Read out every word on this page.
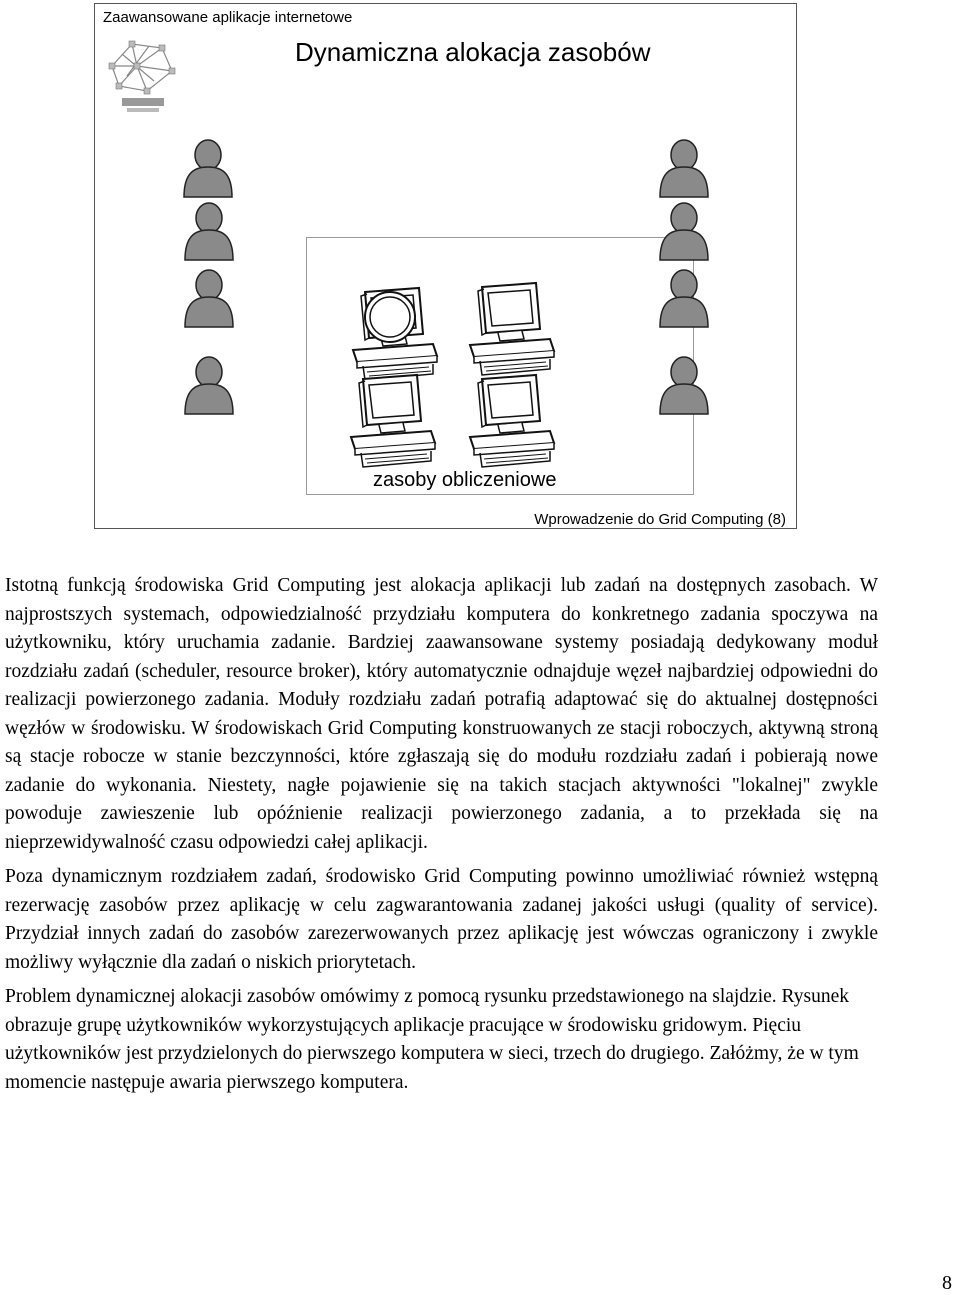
Zaawansowane aplikacje internetowe
Dynamiczna alokacja zasobów
zasoby obliczeniowe
Wprowadzenie do Grid Computing (8)

Istotną funkcją środowiska Grid Computing jest alokacja aplikacji lub zadań na dostępnych zasobach. W najprostszych systemach, odpowiedzialność przydziału komputera do konkretnego zadania spoczywa na użytkowniku, który uruchamia zadanie. Bardziej zaawansowane systemy posiadają dedykowany moduł rozdziału zadań (scheduler, resource broker), który automatycznie odnajduje węzeł najbardziej odpowiedni do realizacji powierzonego zadania. Moduły rozdziału zadań potrafią adaptować się do aktualnej dostępności węzłów w środowisku. W środowiskach Grid Computing konstruowanych ze stacji roboczych, aktywną stroną są stacje robocze w stanie bezczynności, które zgłaszają się do modułu rozdziału zadań i pobierają nowe zadanie do wykonania. Niestety, nagłe pojawienie się na takich stacjach aktywności "lokalnej" zwykle powoduje zawieszenie lub opóźnienie realizacji powierzonego zadania, a to przekłada się na nieprzewidywalność czasu odpowiedzi całej aplikacji.

Poza dynamicznym rozdziałem zadań, środowisko Grid Computing powinno umożliwiać również wstępną rezerwację zasobów przez aplikację w celu zagwarantowania zadanej jakości usługi (quality of service). Przydział innych zadań do zasobów zarezerwowanych przez aplikację jest wówczas ograniczony i zwykle możliwy wyłącznie dla zadań o niskich priorytetach.

Problem dynamicznej alokacji zasobów omówimy z pomocą rysunku przedstawionego na slajdzie. Rysunek obrazuje grupę użytkowników wykorzystujących aplikacje pracujące w środowisku gridowym. Pięciu użytkowników jest przydzielonych do pierwszego komputera w sieci, trzech do drugiego. Załóżmy, że w tym momencie następuje awaria pierwszego komputera.

8
